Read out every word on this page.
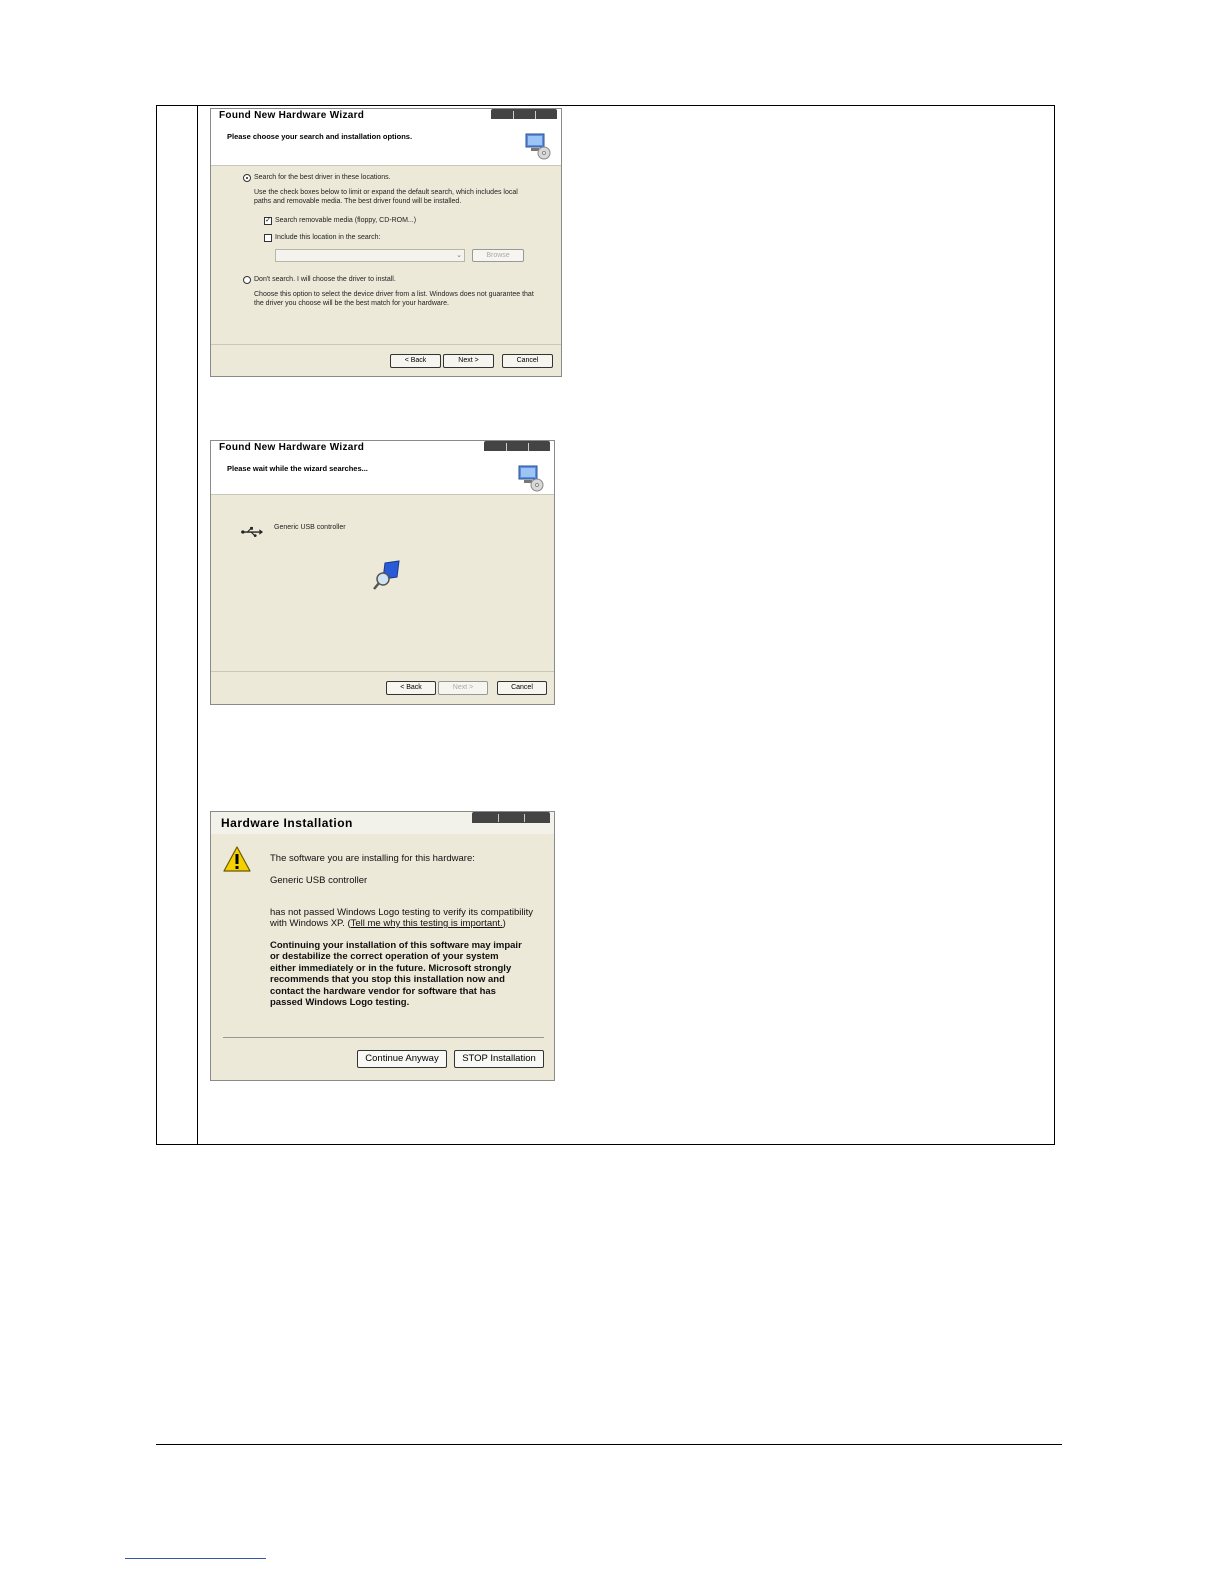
Found New Hardware Wizard
Please choose your search and installation options.
Search for the best driver in these locations.
Use the check boxes below to limit or expand the default search, which includes local
paths and removable media. The best driver found will be installed.
✓ Search removable media (floppy, CD-ROM...)
Include this location in the search:
⌄	Browse
Don't search. I will choose the driver to install.
Choose this option to select the device driver from a list. Windows does not guarantee that
the driver you choose will be the best match for your hardware.
< Back	Next >	Cancel
Found New Hardware Wizard
Please wait while the wizard searches...
Generic USB controller
< Back	Next >	Cancel
Hardware Installation
The software you are installing for this hardware:
Generic USB controller
has not passed Windows Logo testing to verify its compatibility
with Windows XP. (Tell me why this testing is important.)
Continuing your installation of this software may impair
or destabilize the correct operation of your system
either immediately or in the future. Microsoft strongly
recommends that you stop this installation now and
contact the hardware vendor for software that has
passed Windows Logo testing.
Continue Anyway	STOP Installation
